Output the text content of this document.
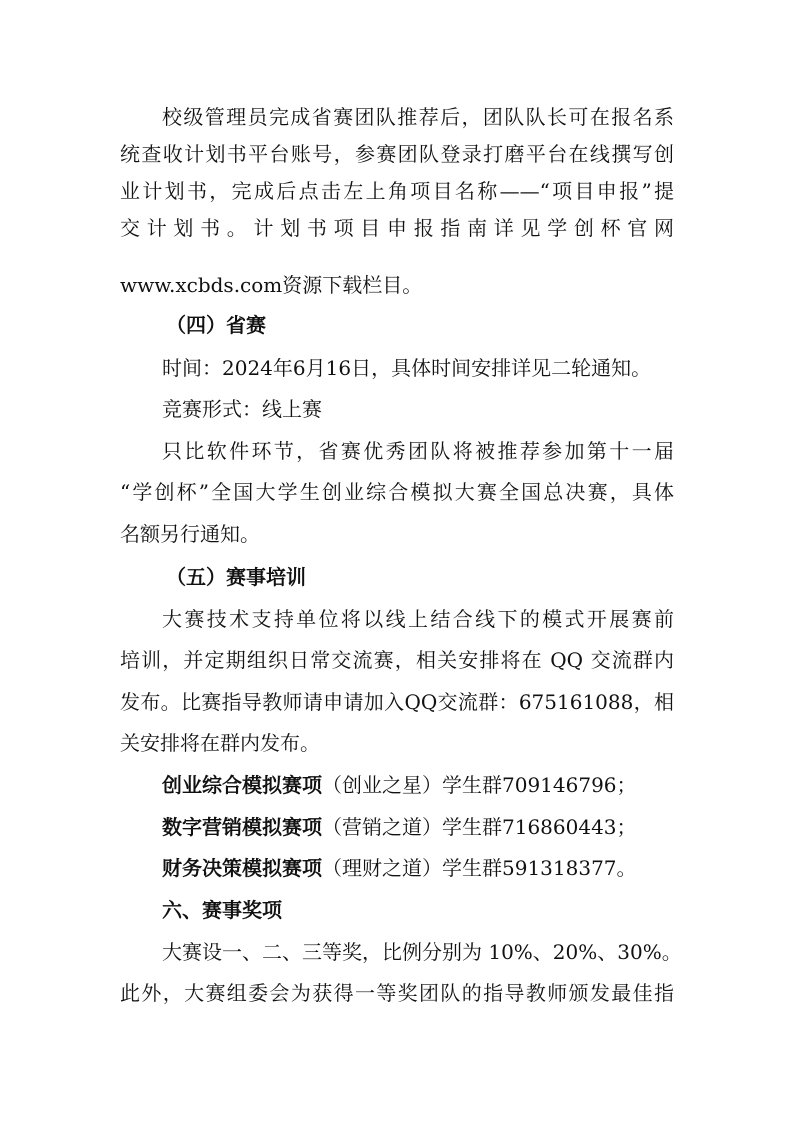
校级管理员完成省赛团队推荐后，团队队长可在报名系
统查收计划书平台账号，参赛团队登录打磨平台在线撰写创
业计划书，完成后点击左上角项目名称——“项目申报”提
交计划书。计划书项目申报指南详见学创杯官网
www.xcbds.com资源下载栏目。
（四）省赛
时间：2024年6月16日，具体时间安排详见二轮通知。
竞赛形式：线上赛
只比软件环节，省赛优秀团队将被推荐参加第十一届
“学创杯”全国大学生创业综合模拟大赛全国总决赛，具体
名额另行通知。
（五）赛事培训
大赛技术支持单位将以线上结合线下的模式开展赛前
培训，并定期组织日常交流赛，相关安排将在 QQ 交流群内
发布。比赛指导教师请申请加入QQ交流群：675161088，相
关安排将在群内发布。
创业综合模拟赛项（创业之星）学生群709146796；
数字营销模拟赛项（营销之道）学生群716860443；
财务决策模拟赛项（理财之道）学生群591318377。
六、赛事奖项
大赛设一、二、三等奖，比例分别为 10%、20%、30%。
此外，大赛组委会为获得一等奖团队的指导教师颁发最佳指
